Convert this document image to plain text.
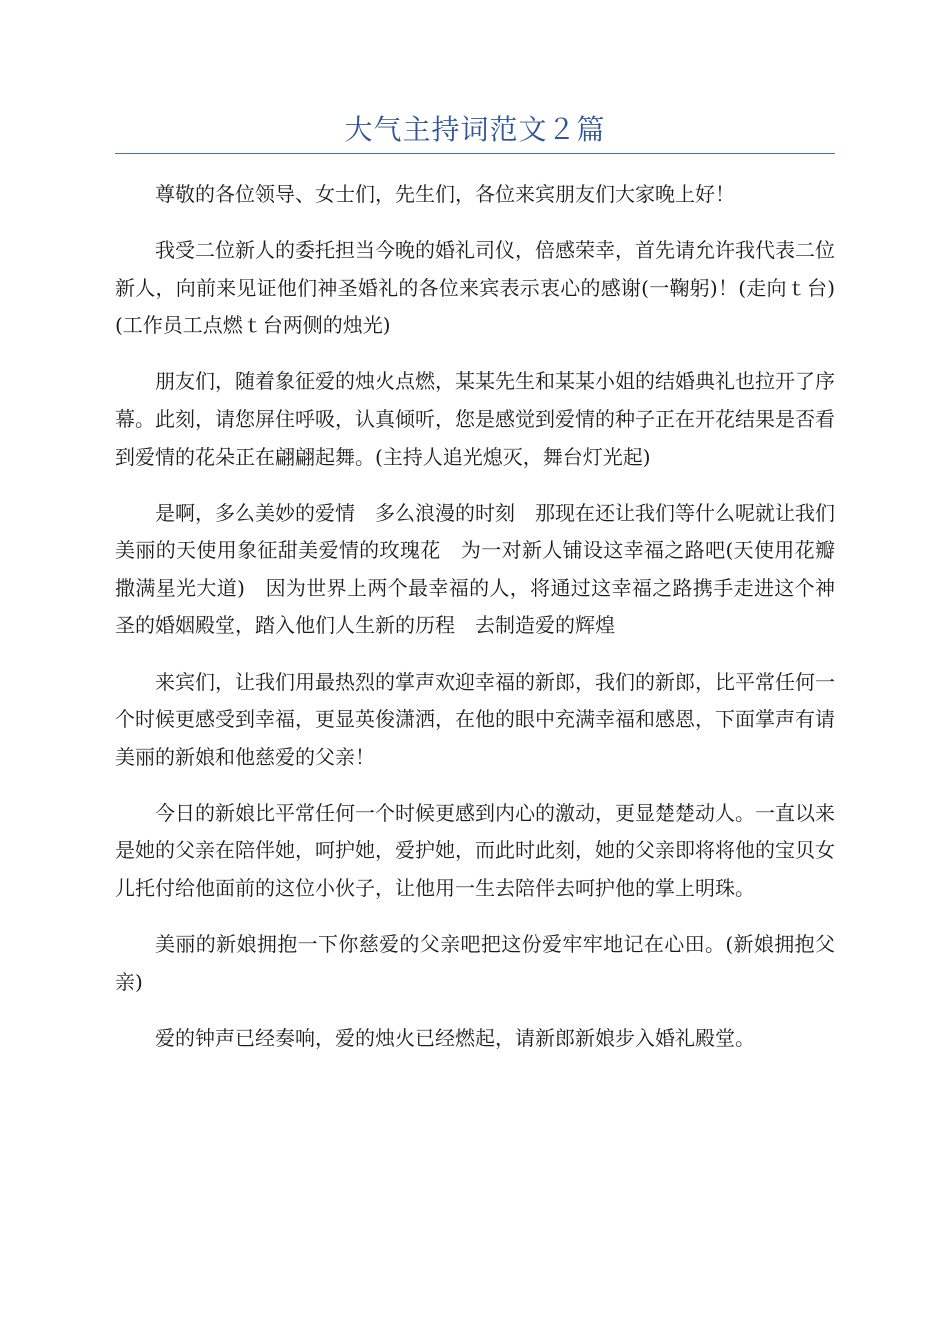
大气主持词范文２篇

尊敬的各位领导、女士们，先生们，各位来宾朋友们大家晚上好！

我受二位新人的委托担当今晚的婚礼司仪，倍感荣幸，首先请允许我代表二位新人，向前来见证他们神圣婚礼的各位来宾表示衷心的感谢(一鞠躬)！(走向ｔ台)(工作员工点燃ｔ台两侧的烛光)

朋友们，随着象征爱的烛火点燃，某某先生和某某小姐的结婚典礼也拉开了序幕。此刻，请您屏住呼吸，认真倾听，您是感觉到爱情的种子正在开花结果是否看到爱情的花朵正在翩翩起舞。(主持人追光熄灭，舞台灯光起)

是啊，多么美妙的爱情　多么浪漫的时刻　那现在还让我们等什么呢就让我们美丽的天使用象征甜美爱情的玫瑰花　为一对新人铺设这幸福之路吧(天使用花瓣撒满星光大道)　因为世界上两个最幸福的人，将通过这幸福之路携手走进这个神圣的婚姻殿堂，踏入他们人生新的历程　去制造爱的辉煌

来宾们，让我们用最热烈的掌声欢迎幸福的新郎，我们的新郎，比平常任何一个时候更感受到幸福，更显英俊潇洒，在他的眼中充满幸福和感恩，下面掌声有请美丽的新娘和他慈爱的父亲！

今日的新娘比平常任何一个时候更感到内心的激动，更显楚楚动人。一直以来是她的父亲在陪伴她，呵护她，爱护她，而此时此刻，她的父亲即将将他的宝贝女儿托付给他面前的这位小伙子，让他用一生去陪伴去呵护他的掌上明珠。

美丽的新娘拥抱一下你慈爱的父亲吧把这份爱牢牢地记在心田。(新娘拥抱父亲)

爱的钟声已经奏响，爱的烛火已经燃起，请新郎新娘步入婚礼殿堂。
